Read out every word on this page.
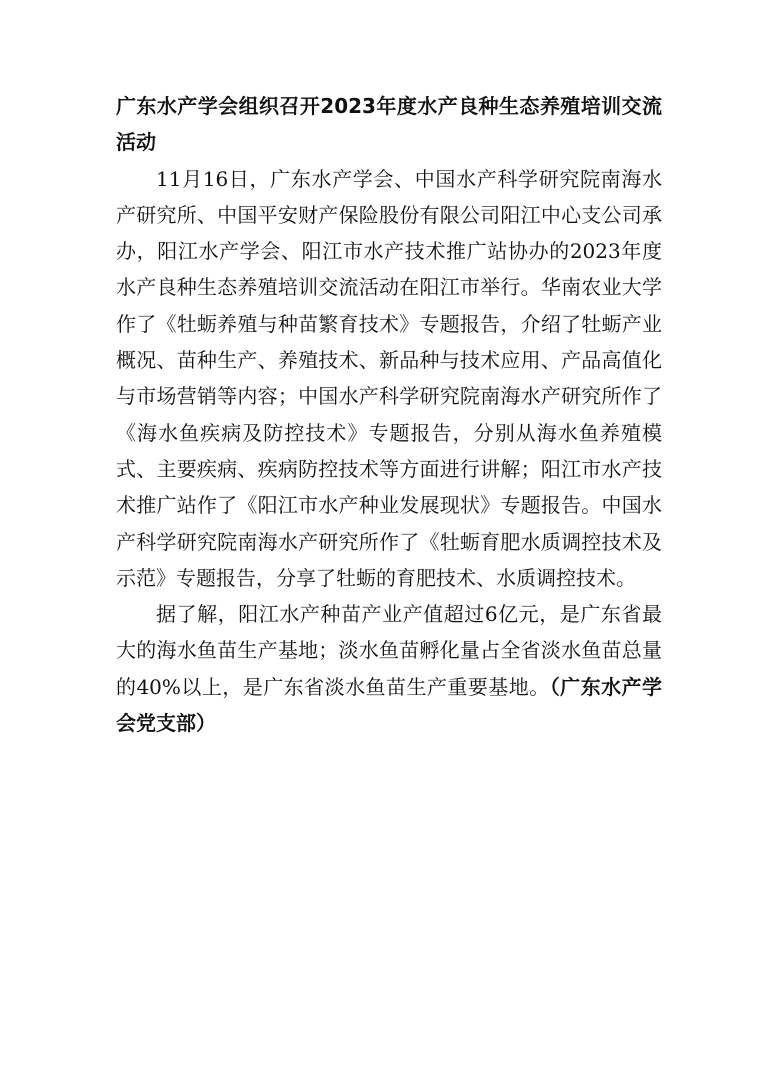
广东水产学会组织召开2023年度水产良种生态养殖培训交流活动

11月16日，广东水产学会、中国水产科学研究院南海水产研究所、中国平安财产保险股份有限公司阳江中心支公司承办，阳江水产学会、阳江市水产技术推广站协办的2023年度水产良种生态养殖培训交流活动在阳江市举行。华南农业大学作了《牡蛎养殖与种苗繁育技术》专题报告，介绍了牡蛎产业概况、苗种生产、养殖技术、新品种与技术应用、产品高值化与市场营销等内容；中国水产科学研究院南海水产研究所作了《海水鱼疾病及防控技术》专题报告，分别从海水鱼养殖模式、主要疾病、疾病防控技术等方面进行讲解；阳江市水产技术推广站作了《阳江市水产种业发展现状》专题报告。中国水产科学研究院南海水产研究所作了《牡蛎育肥水质调控技术及示范》专题报告，分享了牡蛎的育肥技术、水质调控技术。

据了解，阳江水产种苗产业产值超过6亿元，是广东省最大的海水鱼苗生产基地；淡水鱼苗孵化量占全省淡水鱼苗总量的40%以上，是广东省淡水鱼苗生产重要基地。（广东水产学会党支部）
